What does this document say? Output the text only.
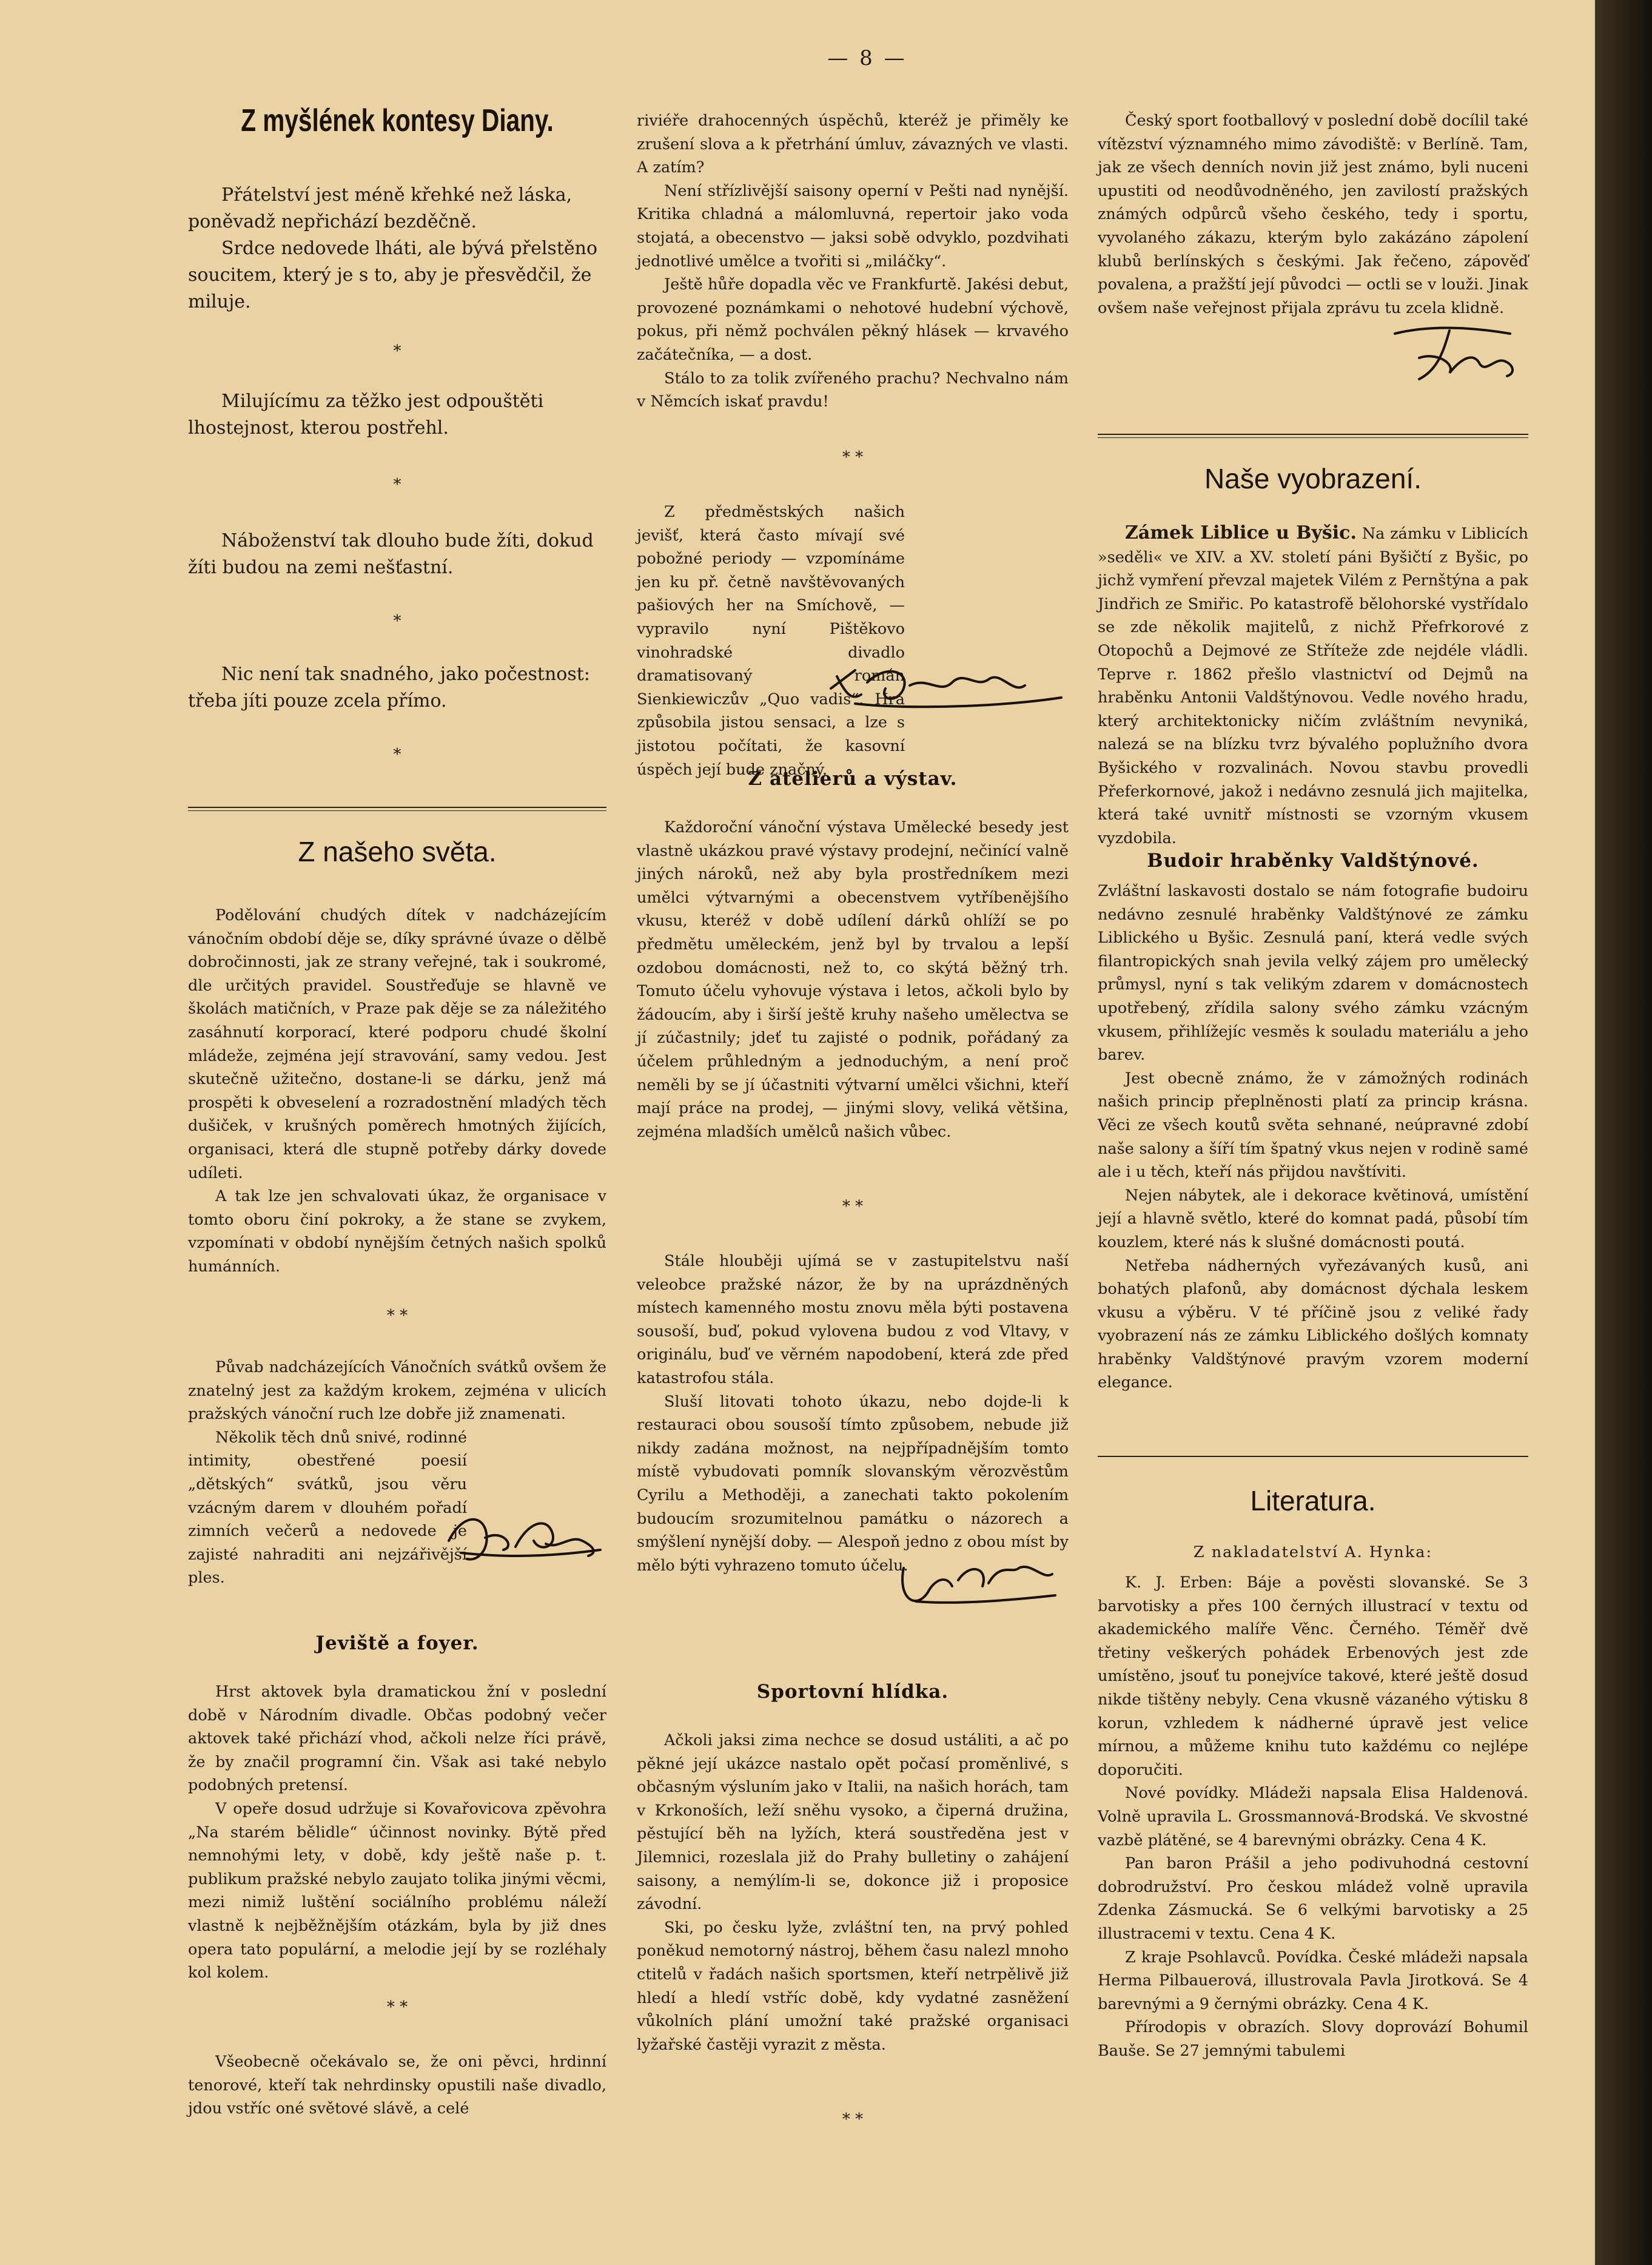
— 8 —
Z myšlének kontesy Diany.

Přátelství jest méně křehké než láska, poněvadž nepřichází bezděčně.

Srdce nedovede lháti, ale bývá přelstěno soucitem, který je s to, aby je přesvědčil, že miluje.

*

Milujícímu za těžko jest odpouštěti lhostejnost, kterou postřehl.

*

Náboženství tak dlouho bude žíti, dokud žíti budou na zemi nešťastní.

*

Nic není tak snadného, jako počestnost: třeba jíti pouze zcela přímo.

*
Z našeho světa.

Podělování chudých dítek v nadcházejícím vánočním období děje se, díky správné úvaze o dělbě dobročinnosti, jak ze strany veřejné, tak i soukromé, dle určitých pravidel. Soustřeďuje se hlavně ve školách matičních, v Praze pak děje se za náležitého zasáhnutí korporací, které podporu chudé školní mládeže, zejména její stravování, samy vedou. Jest skutečně užitečno, dostane-li se dárku, jenž má prospěti k obveselení a rozradostnění mladých těch dušiček, v krušných poměrech hmotných žijících, organisaci, která dle stupně potřeby dárky dovede udíleti.

A tak lze jen schvalovati úkaz, že organisace v tomto oboru činí pokroky, a že stane se zvykem, vzpomínati v období nynějším četných našich spolků humánních.

* *

Půvab nadcházejících Vánočních svátků ovšem že znatelný jest za každým krokem, zejména v ulicích pražských vánoční ruch lze dobře již znamenati.

Několik těch dnů snivé, rodinné intimity, obestřené poesií „dětských“ svátků, jsou věru vzácným darem v dlouhém pořadí zimních večerů a nedovede je zajisté nahraditi ani nejzářivější ples.

Jeviště a foyer.

Hrst aktovek byla dramatickou žní v poslední době v Národním divadle. Občas podobný večer aktovek také přichází vhod, ačkoli nelze říci právě, že by značil programní čin. Však asi také nebylo podobných pretensí.

V opeře dosud udržuje si Kovařovicova zpěvohra „Na starém bělidle“ účinnost novinky. Býtě před nemnohými lety, v době, kdy ještě naše p. t. publikum pražské nebylo zaujato tolika jinými věcmi, mezi nimiž luštění sociálního problému náleží vlastně k nejběžnějším otázkám, byla by již dnes opera tato populární, a melodie její by se rozléhaly kol kolem.

* *

Všeobecně očekávalo se, že oni pěvci, hrdinní tenorové, kteří tak nehrdinsky opustili naše divadlo, jdou vstříc oné světové slávě, a celé

riviéře drahocenných úspěchů, kteréž je přiměly ke zrušení slova a k přetrhání úmluv, závazných ve vlasti. A zatím?

Není střízlivější saisony operní v Pešti nad nynější. Kritika chladná a málomluvná, repertoir jako voda stojatá, a obecenstvo — jaksi sobě odvyklo, pozdvihati jednotlivé umělce a tvořiti si „miláčky“.

Ještě hůře dopadla věc ve Frankfurtě. Jakési debut, provozené poznámkami o nehotové hudební výchově, pokus, při němž pochválen pěkný hlásek — krvavého začátečníka, — a dost.

Stálo to za tolik zvířeného prachu? Nechvalno nám v Němcích iskať pravdu!

* *

Z předměstských našich jevišť, která často mívají své pobožné periody — vzpomínáme jen ku př. četně navštěvovaných pašiových her na Smíchově, — vypravilo nyní Pištěkovo vinohradské divadlo dramatisovaný román Sienkiewiczův „Quo vadis“. Hra způsobila jistou sensaci, a lze s jistotou počítati, že kasovní úspěch její bude značný.

Z atelierů a výstav.

Každoroční vánoční výstava Umělecké besedy jest vlastně ukázkou pravé výstavy prodejní, nečinící valně jiných nároků, než aby byla prostředníkem mezi umělci výtvarnými a obecenstvem vytříbenějšího vkusu, kteréž v době udílení dárků ohlíží se po předmětu uměleckém, jenž byl by trvalou a lepší ozdobou domácnosti, než to, co skýtá běžný trh. Tomuto účelu vyhovuje výstava i letos, ačkoli bylo by žádoucím, aby i širší ještě kruhy našeho umělectva se jí zúčastnily; jdeť tu zajisté o podnik, pořádaný za účelem průhledným a jednoduchým, a není proč neměli by se jí účastniti výtvarní umělci všichni, kteří mají práce na prodej, — jinými slovy, veliká většina, zejména mladších umělců našich vůbec.

* *

Stále hlouběji ujímá se v zastupitelstvu naší veleobce pražské názor, že by na uprázdněných místech kamenného mostu znovu měla býti postavena sousoší, buď, pokud vylovena budou z vod Vltavy, v originálu, buď ve věrném napodobení, která zde před katastrofou stála.

Sluší litovati tohoto úkazu, nebo dojde-li k restauraci obou sousoší tímto způsobem, nebude již nikdy zadána možnost, na nejpřípadnějším tomto místě vybudovati pomník slovanským věrozvěstům Cyrilu a Methoději, a zanechati takto pokolením budoucím srozumitelnou památku o názorech a smýšlení nynější doby. — Alespoň jedno z obou míst by mělo býti vyhrazeno tomuto účelu.

Sportovní hlídka.

Ačkoli jaksi zima nechce se dosud ustáliti, a ač po pěkné její ukázce nastalo opět počasí proměnlivé, s občasným výsluním jako v Italii, na našich horách, tam v Krkonoších, leží sněhu vysoko, a čiperná družina, pěstující běh na lyžích, která soustředěna jest v Jilemnici, rozeslala již do Prahy bulletiny o zahájení saisony, a nemýlím-li se, dokonce již i proposice závodní.

Ski, po česku lyže, zvláštní ten, na prvý pohled poněkud nemotorný nástroj, během času nalezl mnoho ctitelů v řadách našich sportsmen, kteří netrpělivě již hledí a hledí vstříc době, kdy vydatné zasněžení vůkolních plání umožní také pražské organisaci lyžařské častěji vyrazit z města.

* *

Český sport footballový v poslední době docílil také vítězství významného mimo závodiště: v Berlíně. Tam, jak ze všech denních novin již jest známo, byli nuceni upustiti od neodůvodněného, jen zavilostí pražských známých odpůrců všeho českého, tedy i sportu, vyvolaného zákazu, kterým bylo zakázáno zápolení klubů berlínských s českými. Jak řečeno, zápověď povalena, a pražští její původci — octli se v louži. Jinak ovšem naše veřejnost přijala zprávu tu zcela klidně.

Naše vyobrazení.

Zámek Liblice u Byšic. Na zámku v Liblicích »seděli« ve XIV. a XV. století páni Byšičtí z Byšic, po jichž vymření převzal majetek Vilém z Pernštýna a pak Jindřich ze Smiřic. Po katastrofě bělohorské vystřídalo se zde několik majitelů, z nichž Přefrkorové z Otopochů a Dejmové ze Stříteže zde nejdéle vládli. Teprve r. 1862 přešlo vlastnictví od Dejmů na hraběnku Antonii Valdštýnovou. Vedle nového hradu, který architektonicky ničím zvláštním nevyniká, nalezá se na blízku tvrz bývalého poplužního dvora Byšického v rozvalinách. Novou stavbu provedli Přeferkornové, jakož i nedávno zesnulá jich majitelka, která také uvnitř místnosti se vzorným vkusem vyzdobila.

Budoir hraběnky Valdštýnové.

Zvláštní laskavosti dostalo se nám fotografie budoiru nedávno zesnulé hraběnky Valdštýnové ze zámku Liblického u Byšic. Zesnulá paní, která vedle svých filantropických snah jevila velký zájem pro umělecký průmysl, nyní s tak velikým zdarem v domácnostech upotřebený, zřídila salony svého zámku vzácným vkusem, přihlížejíc vesměs k souladu materiálu a jeho barev.

Jest obecně známo, že v zámožných rodinách našich princip přeplněnosti platí za princip krásna. Věci ze všech koutů světa sehnané, neúpravné zdobí naše salony a šíří tím špatný vkus nejen v rodině samé ale i u těch, kteří nás přijdou navštíviti.

Nejen nábytek, ale i dekorace květinová, umístění její a hlavně světlo, které do komnat padá, působí tím kouzlem, které nás k slušné domácnosti poutá.

Netřeba nádherných vyřezávaných kusů, ani bohatých plafonů, aby domácnost dýchala leskem vkusu a výběru. V té příčině jsou z veliké řady vyobrazení nás ze zámku Liblického došlých komnaty hraběnky Valdštýnové pravým vzorem moderní elegance.

Literatura.
Z nakladatelství A. Hynka:

K. J. Erben: Báje a pověsti slovanské. Se 3 barvotisky a přes 100 černých illustrací v textu od akademického malíře Věnc. Černého. Téměř dvě třetiny veškerých pohádek Erbenových jest zde umístěno, jsouť tu ponejvíce takové, které ještě dosud nikde tištěny nebyly. Cena vkusně vázaného výtisku 8 korun, vzhledem k nádherné úpravě jest velice mírnou, a můžeme knihu tuto každému co nejlépe doporučiti.

Nové povídky. Mládeži napsala Elisa Haldenová. Volně upravila L. Grossmannová-Brodská. Ve skvostné vazbě plátěné, se 4 barevnými obrázky. Cena 4 K.

Pan baron Prášil a jeho podivuhodná cestovní dobrodružství. Pro českou mládež volně upravila Zdenka Zásmucká. Se 6 velkými barvotisky a 25 illustracemi v textu. Cena 4 K.

Z kraje Psohlavců. Povídka. České mládeži napsala Herma Pilbauerová, illustrovala Pavla Jirotková. Se 4 barevnými a 9 černými obrázky. Cena 4 K.

Přírodopis v obrazích. Slovy doprovází Bohumil Bauše. Se 27 jemnými tabulemi
